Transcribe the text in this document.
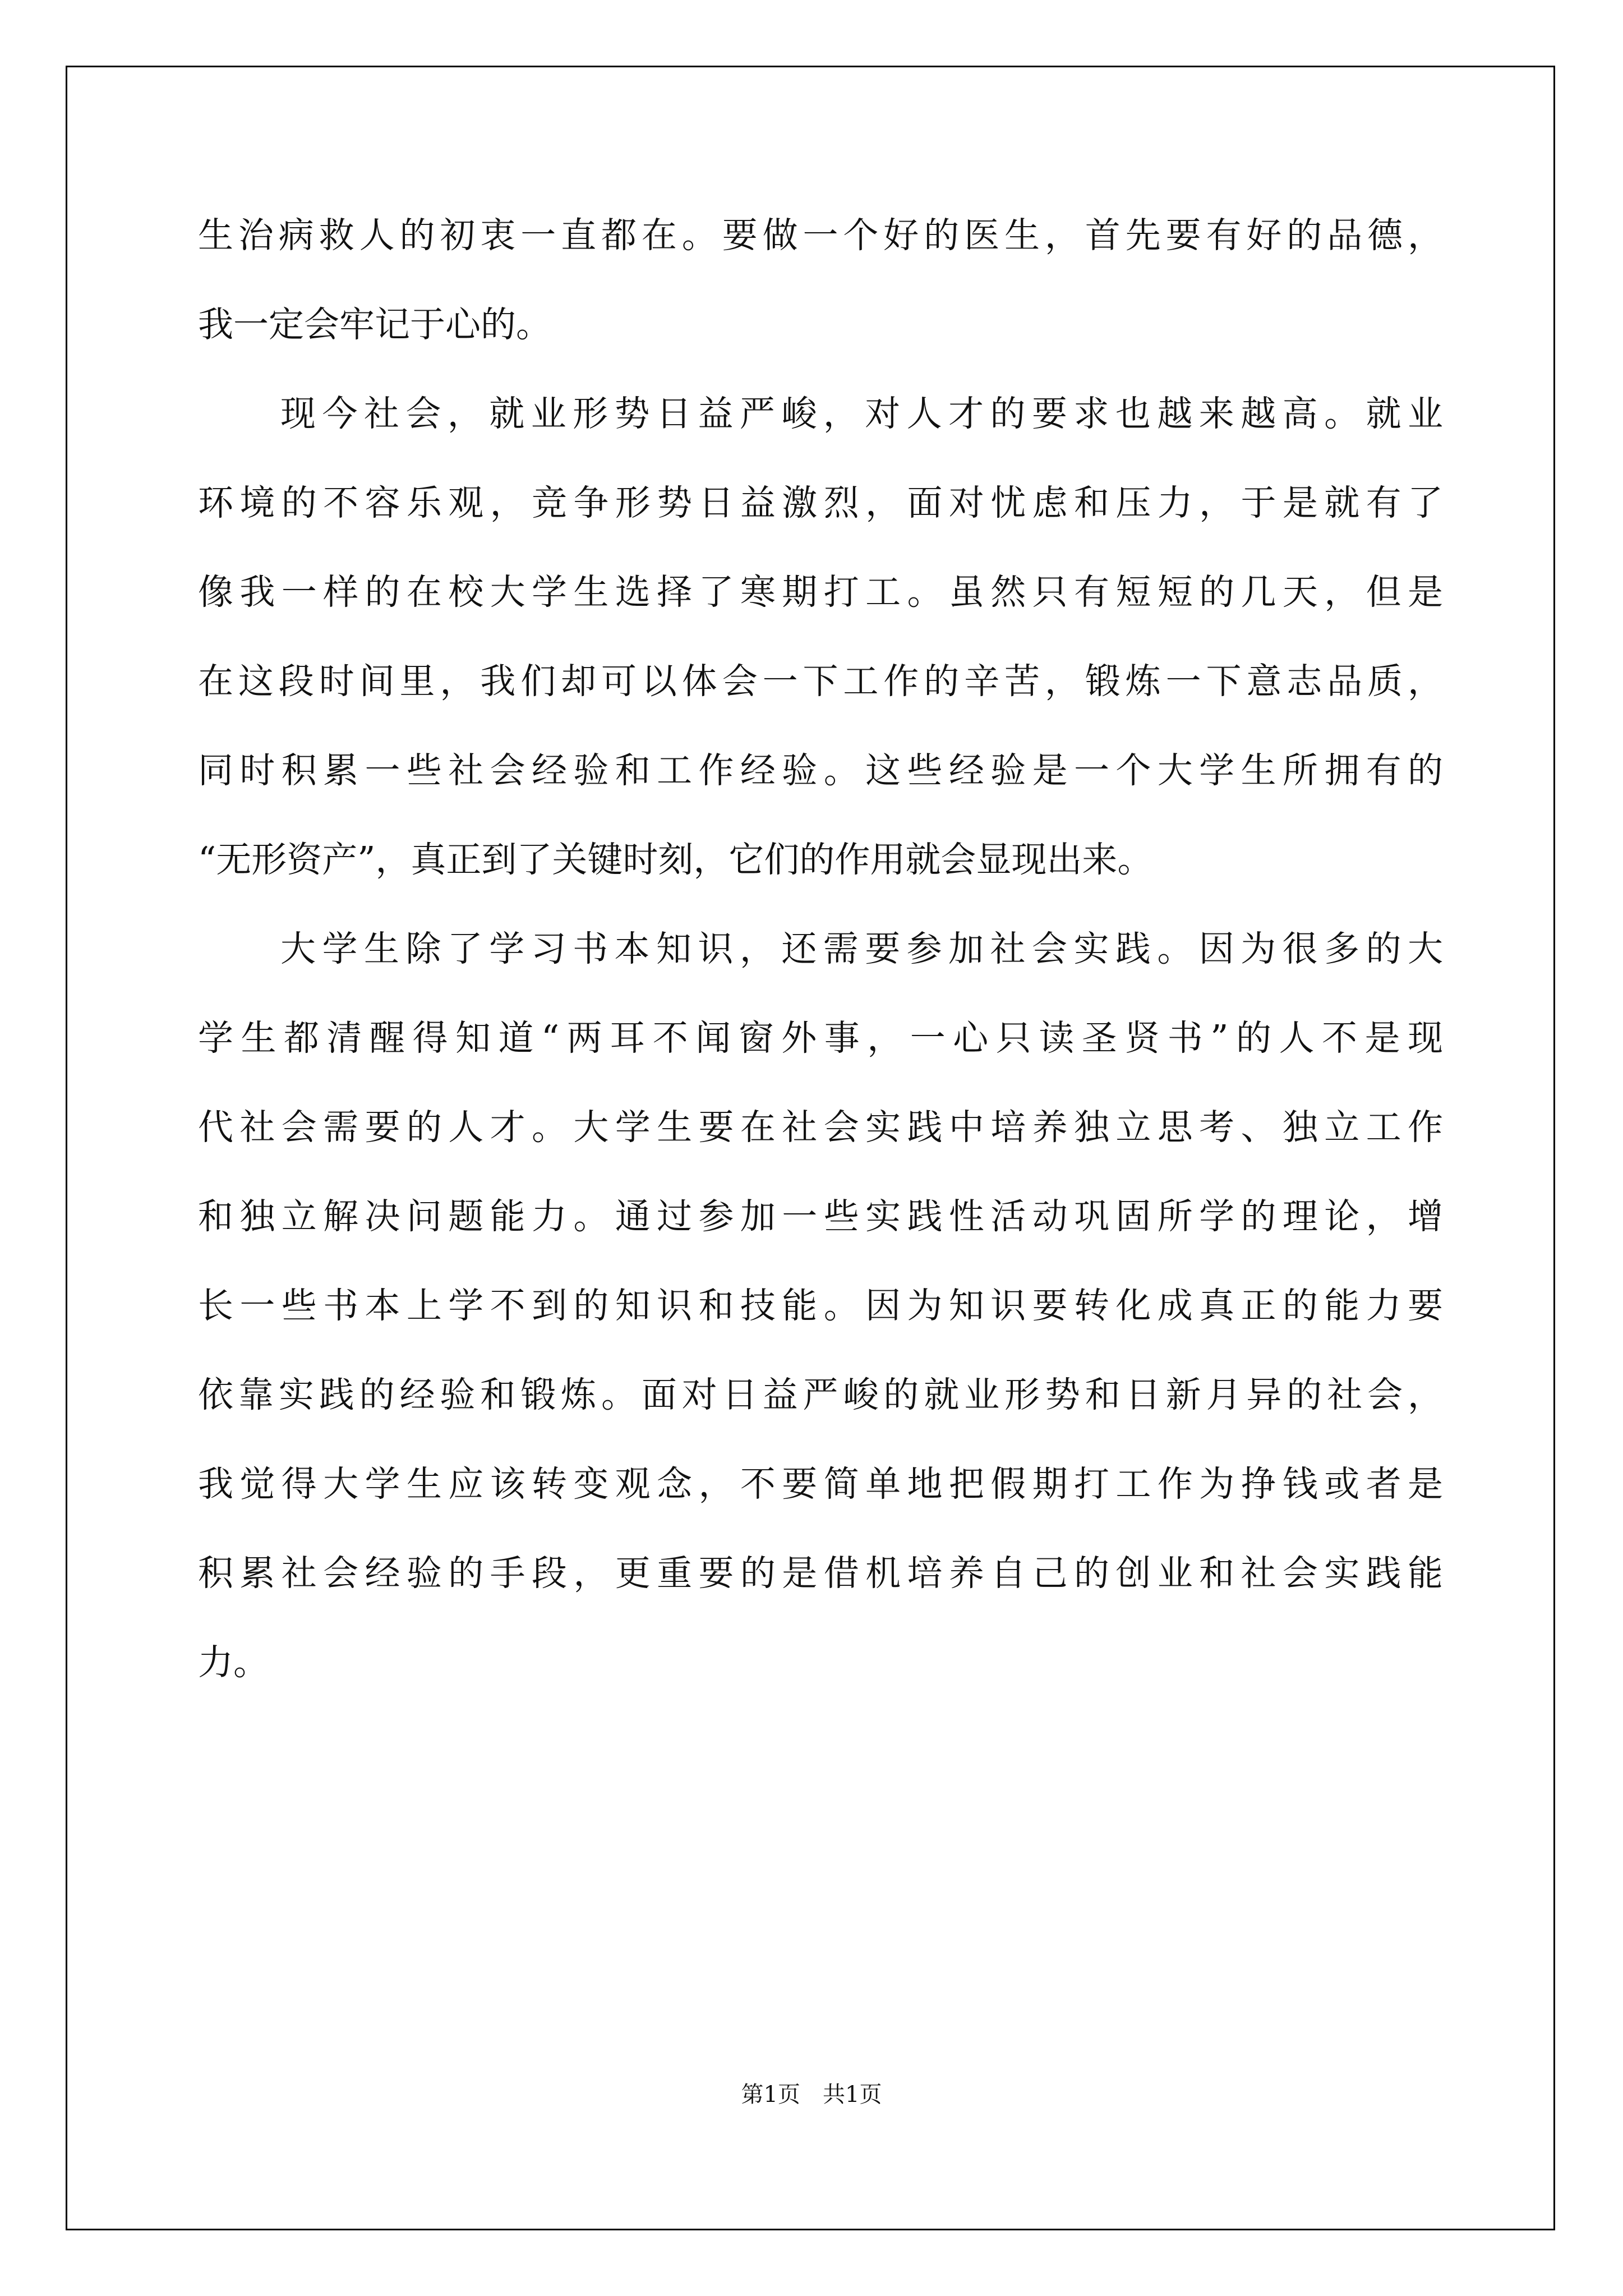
生治病救人的初衷一直都在。要做一个好的医生，首先要有好的品德，
我一定会牢记于心的。
现今社会，就业形势日益严峻，对人才的要求也越来越高。就业
环境的不容乐观，竞争形势日益激烈，面对忧虑和压力，于是就有了
像我一样的在校大学生选择了寒期打工。虽然只有短短的几天，但是
在这段时间里，我们却可以体会一下工作的辛苦，锻炼一下意志品质，
同时积累一些社会经验和工作经验。这些经验是一个大学生所拥有的
“无形资产”，真正到了关键时刻，它们的作用就会显现出来。
大学生除了学习书本知识，还需要参加社会实践。因为很多的大
学生都清醒得知道“两耳不闻窗外事，一心只读圣贤书”的人不是现
代社会需要的人才。大学生要在社会实践中培养独立思考、独立工作
和独立解决问题能力。通过参加一些实践性活动巩固所学的理论，增
长一些书本上学不到的知识和技能。因为知识要转化成真正的能力要
依靠实践的经验和锻炼。面对日益严峻的就业形势和日新月异的社会，
我觉得大学生应该转变观念，不要简单地把假期打工作为挣钱或者是
积累社会经验的手段，更重要的是借机培养自己的创业和社会实践能
力。
第1页 共1页
